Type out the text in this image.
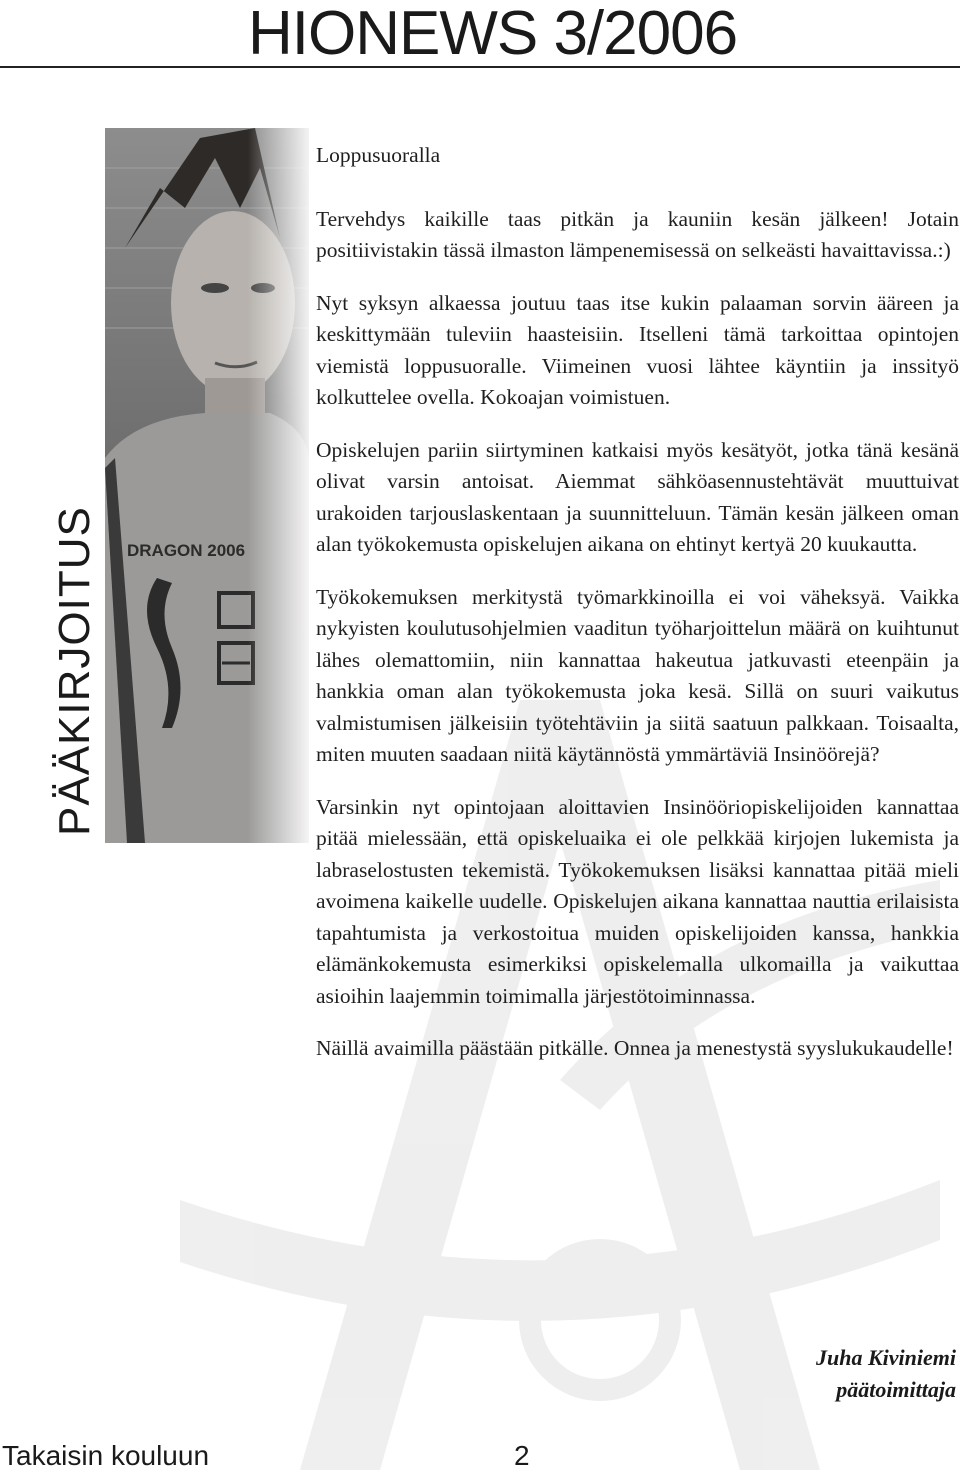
HIONEWS 3/2006
PÄÄKIRJOITUS

Loppusuoralla

Tervehdys kaikille taas pitkän ja kauniin kesän jälkeen! Jotain positiivistakin tässä ilmaston lämpenemisessä on selkeästi havaittavissa.:)

Nyt syksyn alkaessa joutuu taas itse kukin palaaman sorvin ääreen ja keskittymään tuleviin haasteisiin. Itselleni tämä tarkoittaa opintojen viemistä loppusuoralle. Viimeinen vuosi lähtee käyntiin ja inssityö kolkuttelee ovella. Kokoajan voimistuen.

Opiskelujen pariin siirtyminen katkaisi myös kesätyöt, jotka tänä kesänä olivat varsin antoisat. Aiemmat sähköasennustehtävät muuttuivat urakoiden tarjouslaskentaan ja suunnitteluun. Tämän kesän jälkeen oman alan työkokemusta opiskelujen aikana on ehtinyt kertyä 20 kuukautta.

Työkokemuksen merkitystä työmarkkinoilla ei voi väheksyä. Vaikka nykyisten koulutusohjelmien vaaditun työharjoittelun määrä on kuihtunut lähes olemattomiin, niin kannattaa hakeutua jatkuvasti eteenpäin ja hankkia oman alan työkokemusta joka kesä. Sillä on suuri vaikutus valmistumisen jälkeisiin työtehtäviin ja siitä saatuun palkkaan. Toisaalta, miten muuten saadaan niitä käytännöstä ymmärtäviä Insinöörejä?

Varsinkin nyt opintojaan aloittavien Insinööriopiskelijoiden kannattaa pitää mielessään, että opiskeluaika ei ole pelkkää kirjojen lukemista ja labraselostusten tekemistä. Työkokemuksen lisäksi kannattaa pitää mieli avoimena kaikelle uudelle. Opiskelujen aikana kannattaa nauttia erilaisista tapahtumista ja verkostoitua muiden opiskelijoiden kanssa, hankkia elämänkokemusta esimerkiksi opiskelemalla ulkomailla ja vaikuttaa asioihin laajemmin toimimalla järjestötoiminnassa.

Näillä avaimilla päästään pitkälle. Onnea ja menestystä syyslukukaudelle!

Juha Kiviniemi
päätoimittaja
Takaisin kouluun	2
